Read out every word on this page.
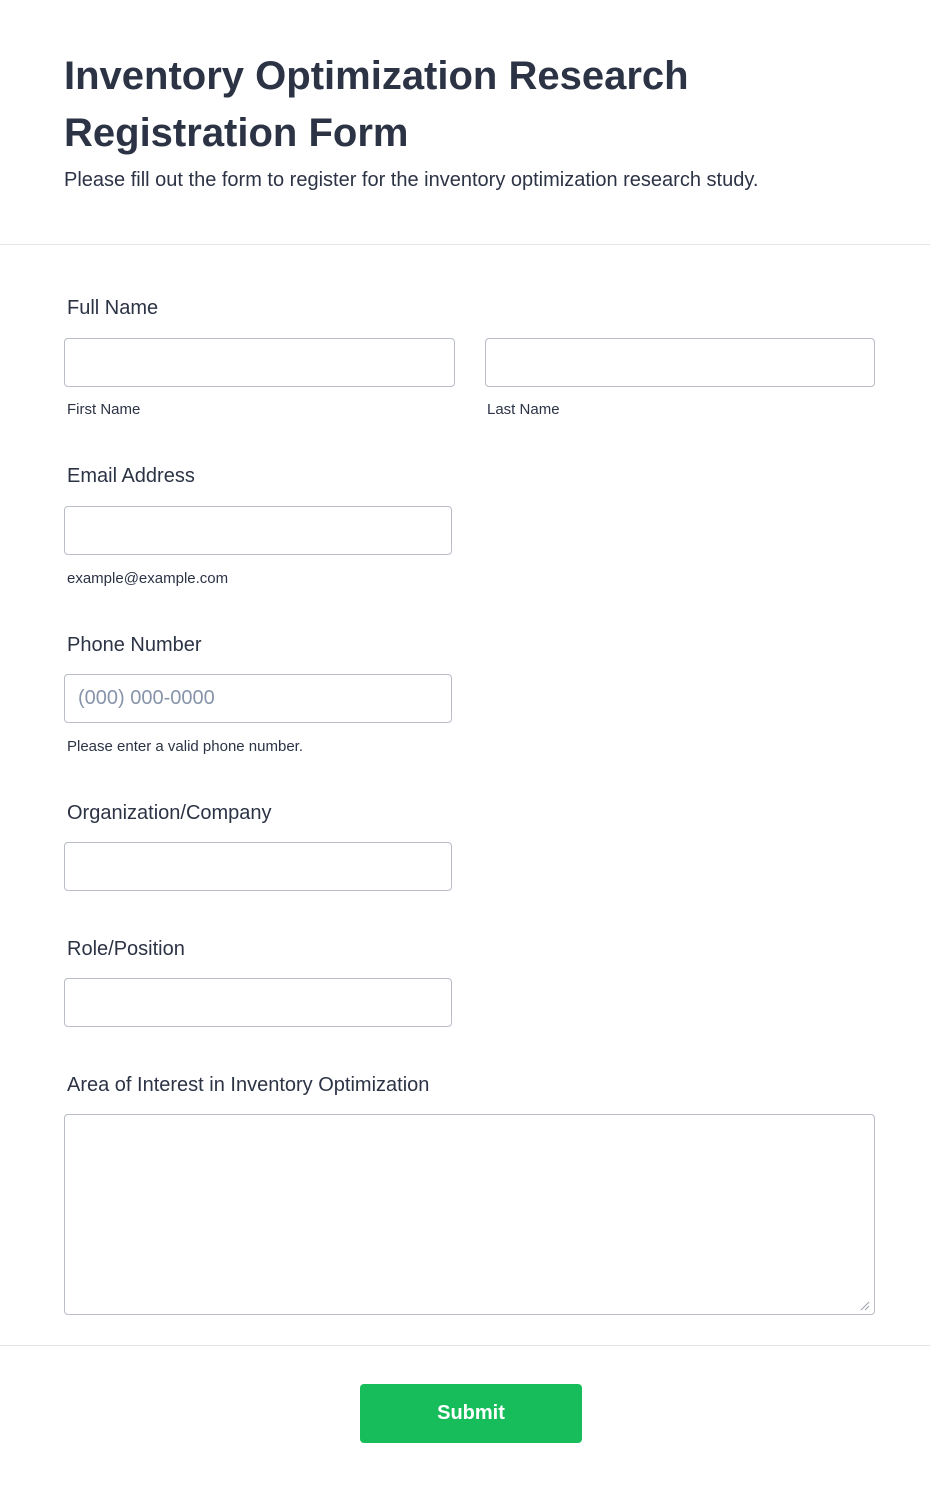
Inventory Optimization Research Registration Form

Please fill out the form to register for the inventory optimization research study.

Full Name
First Name	Last Name
Email Address
example@example.com
Phone Number
(000) 000-0000
Please enter a valid phone number.
Organization/Company
Role/Position
Area of Interest in Inventory Optimization
Submit
